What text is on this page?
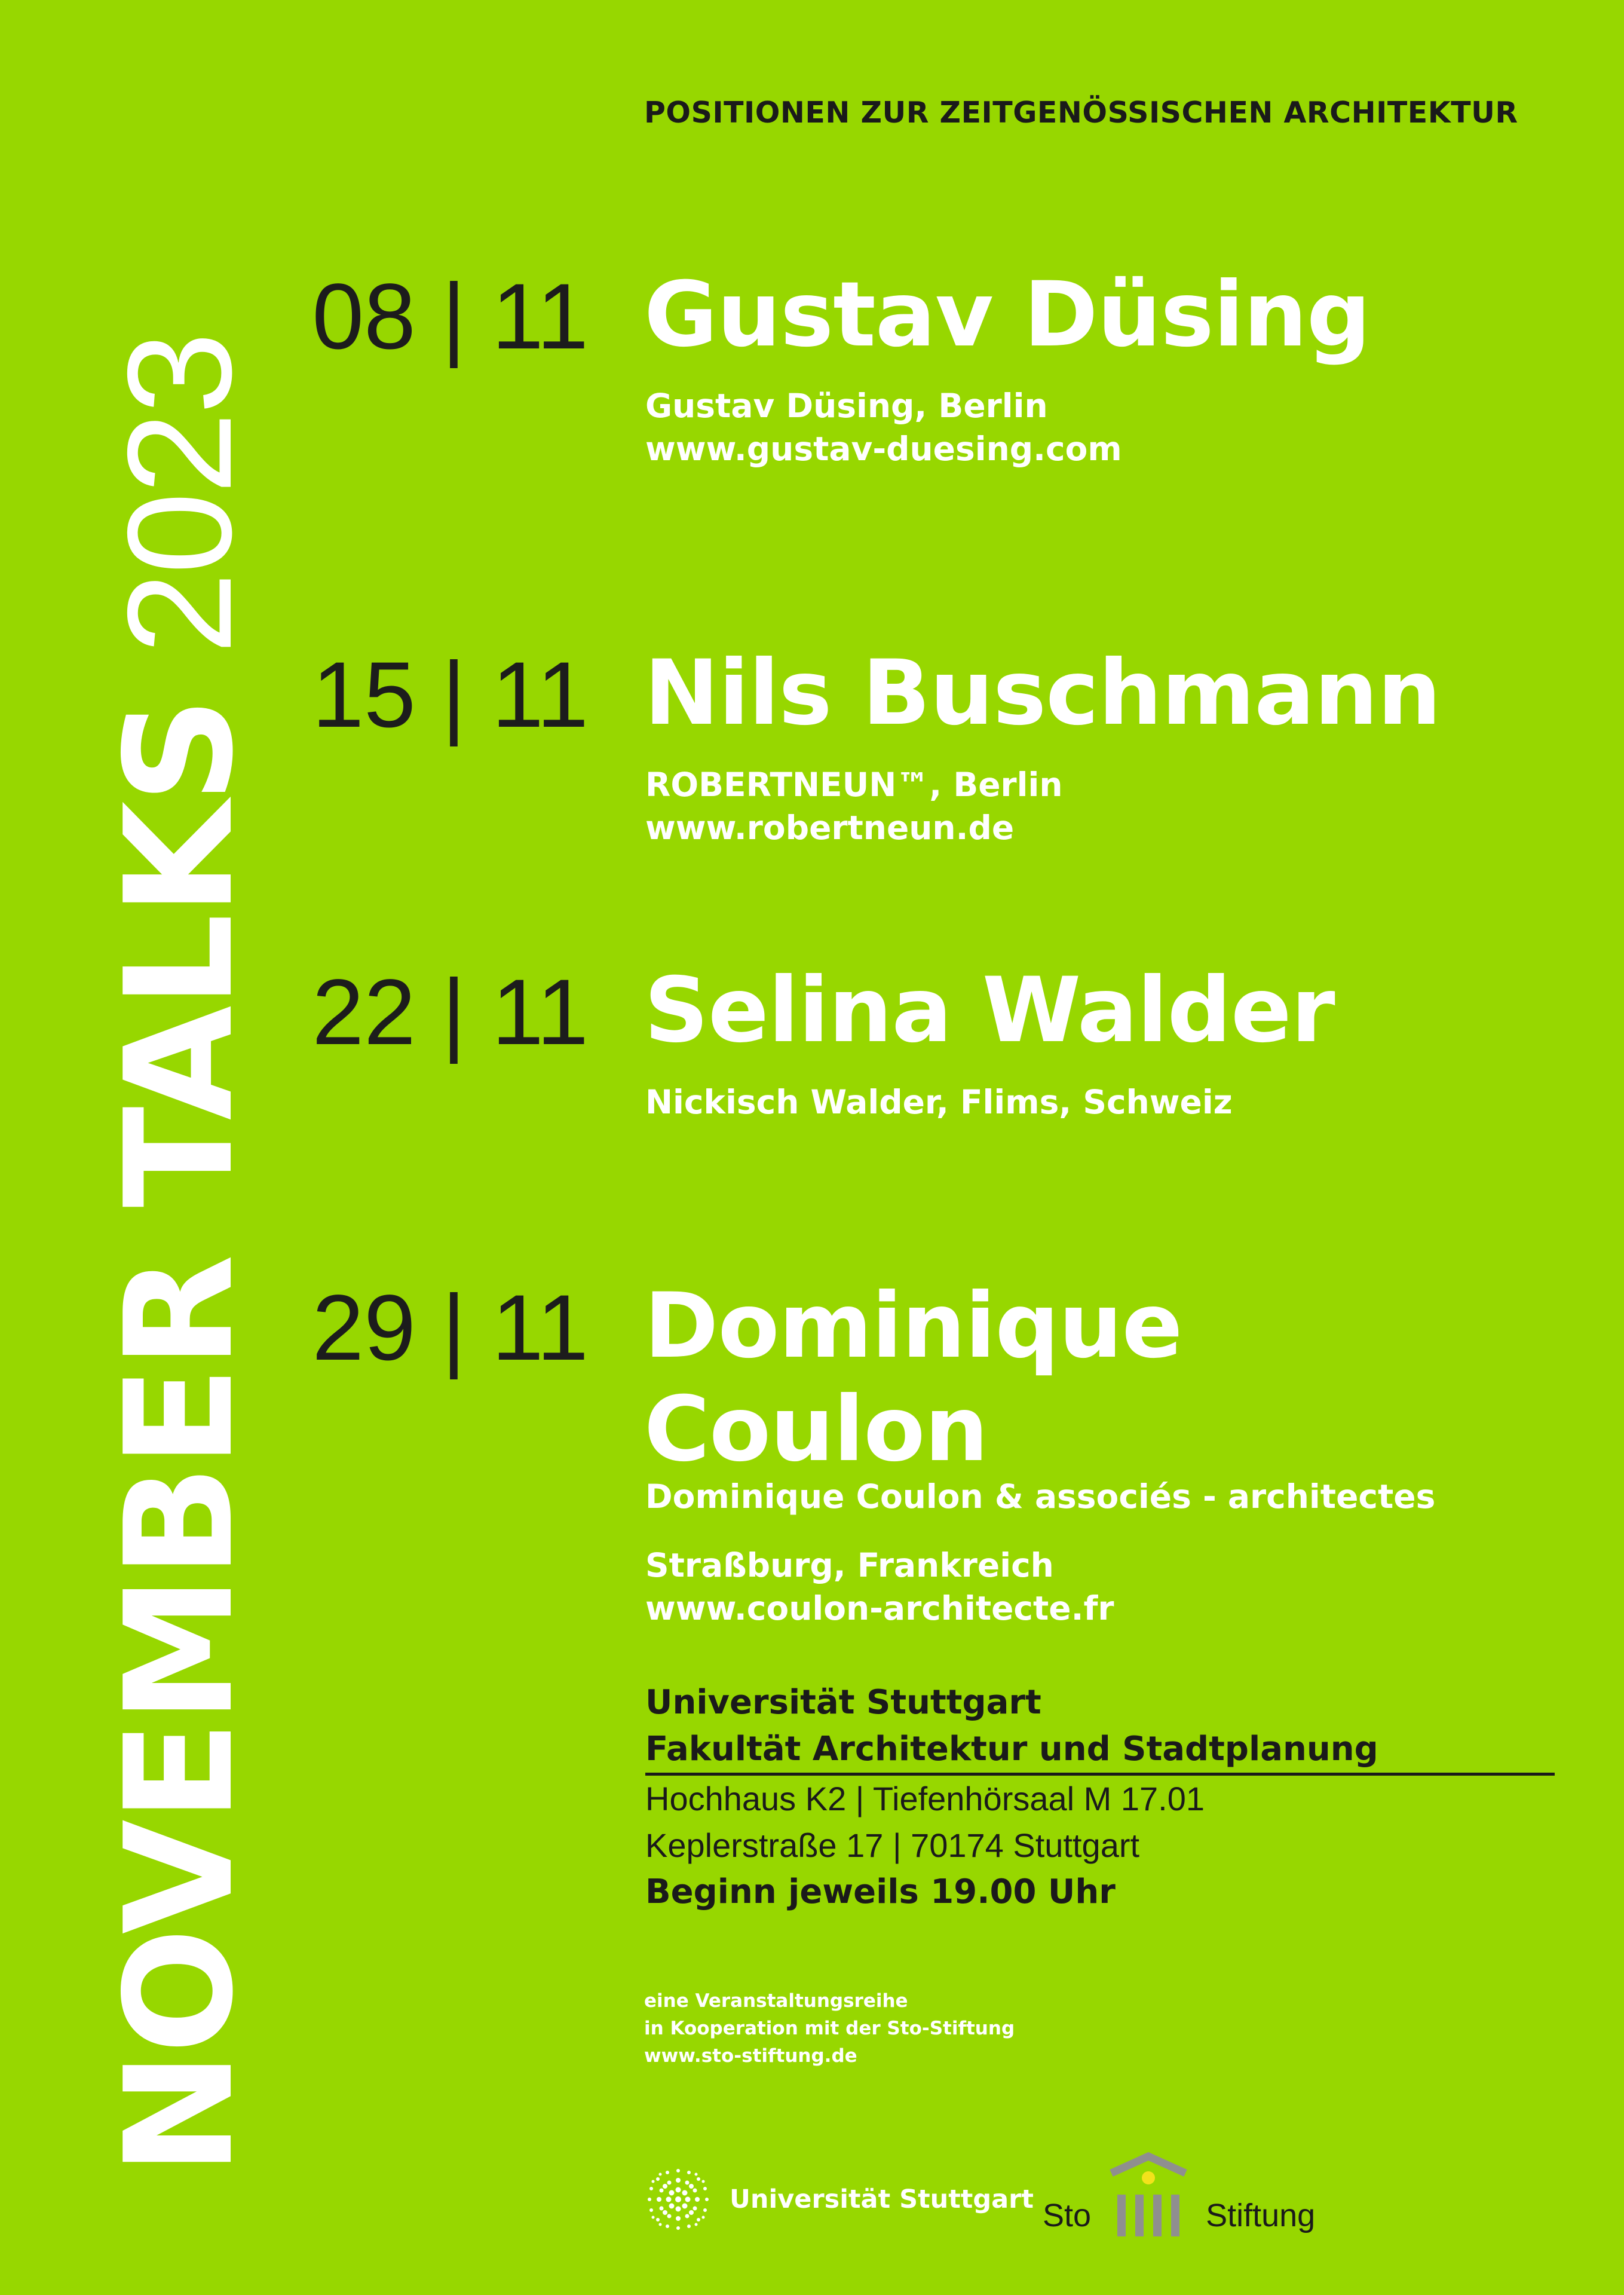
NOVEMBER TALKS 2023
POSITIONEN ZUR ZEITGENÖSSISCHEN ARCHITEKTUR
08 | 11 Gustav Düsing
Gustav Düsing, Berlin
www.gustav-duesing.com
15 | 11 Nils Buschmann
ROBERTNEUN™, Berlin
www.robertneun.de
22 | 11 Selina Walder
Nickisch Walder, Flims, Schweiz
29 | 11 Dominique
Coulon
Dominique Coulon & associés - architectes
Straßburg, Frankreich
www.coulon-architecte.fr
Universität Stuttgart
Fakultät Architektur und Stadtplanung
Hochhaus K2 | Tiefenhörsaal M 17.01
Keplerstraße 17 | 70174 Stuttgart
Beginn jeweils 19.00 Uhr
eine Veranstaltungsreihe
in Kooperation mit der Sto-Stiftung
www.sto-stiftung.de
Universität Stuttgart Sto	Stiftung
